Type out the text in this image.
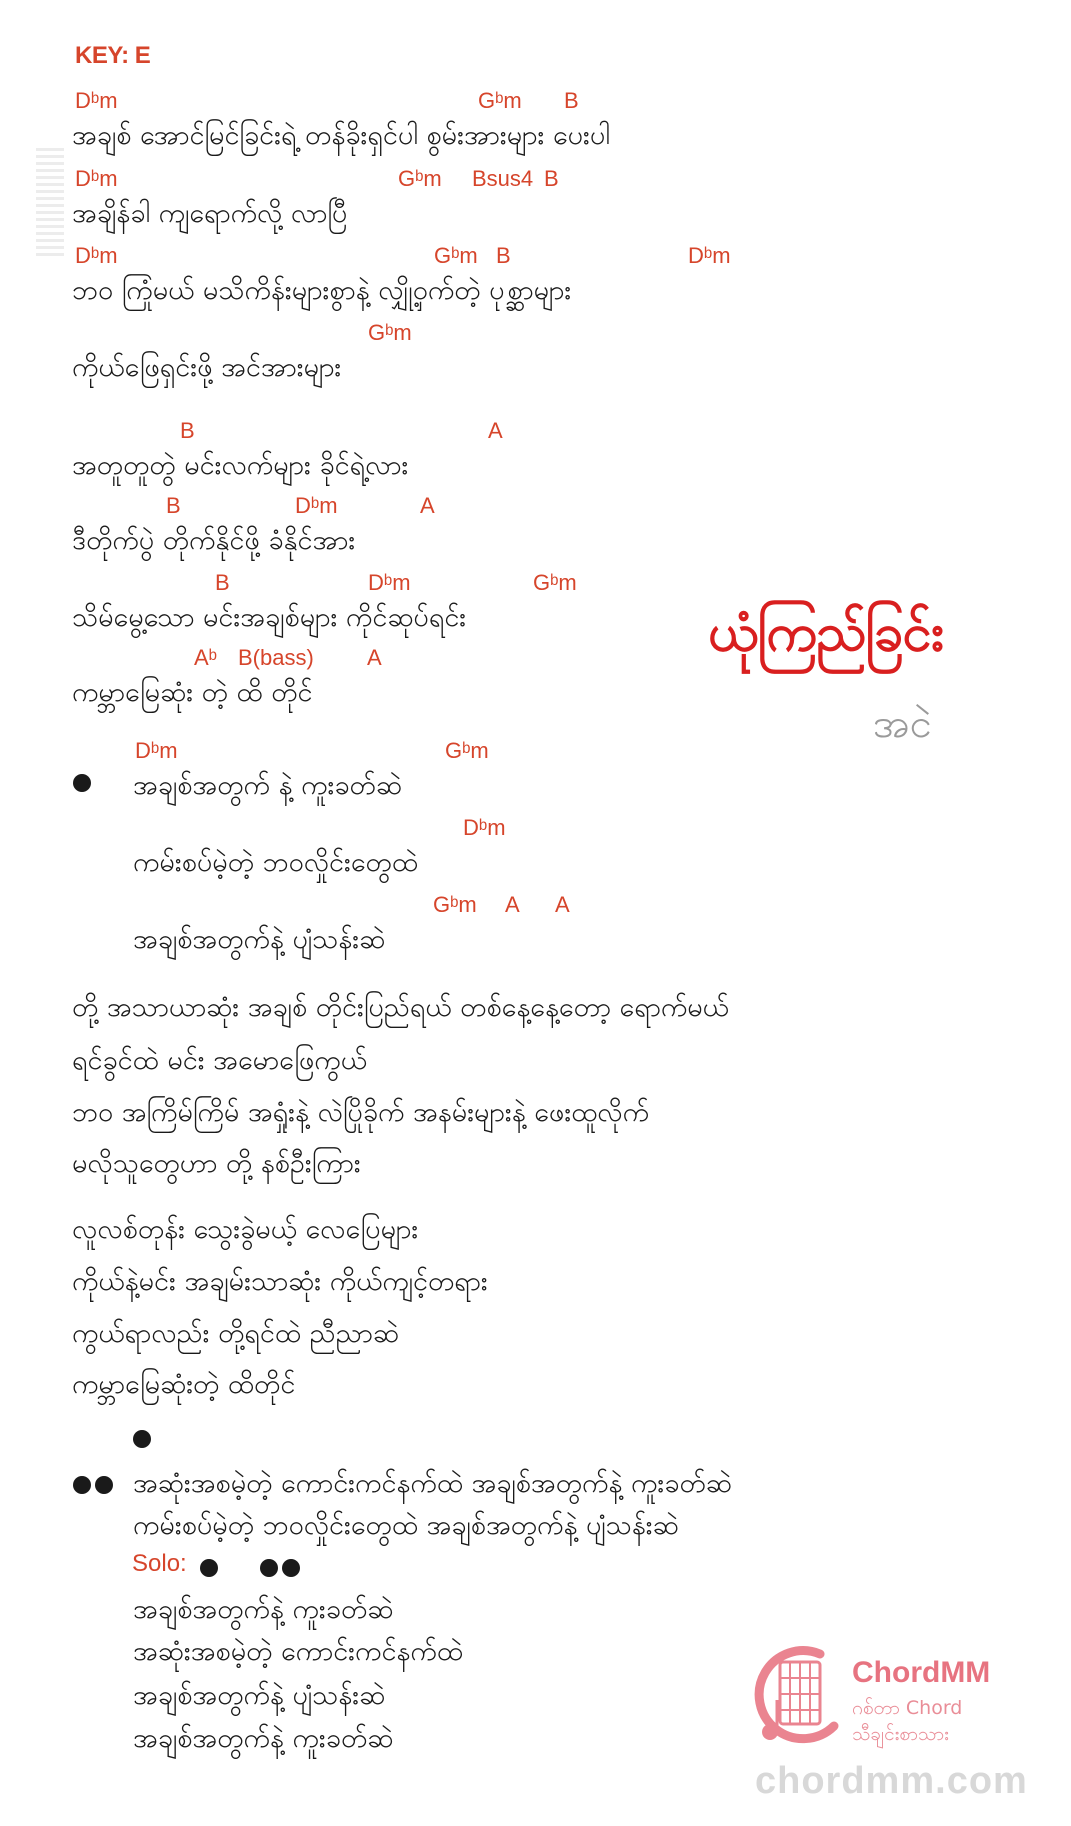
KEY: E
Dᵇm	Gᵇm B
အချစ် အောင်မြင်ခြင်းရဲ့ တန်ခိုးရှင်ပါ စွမ်းအားများ ပေးပါ
Dᵇm	Gᵇm Bsus4 B
အချိန်ခါ ကျရောက်လို့ လာပြီ
Dᵇm	Gᵇm B	Dᵇm
ဘဝ ကြုံမယ် မသိကိန်းများစွာနဲ့ လျှို့ဝှက်တဲ့ ပုစ္ဆာများ
Gᵇm
ကိုယ်ဖြေရှင်းဖို့ အင်အားများ
B	A
အတူတူတွဲ မင်းလက်များ ခိုင်ရဲ့လား
B	Dᵇm	A
ဒီတိုက်ပွဲ တိုက်နိုင်ဖို့ ခံနိုင်အား
B	Dᵇm	Gᵇm
သိမ်မွေ့သော မင်းအချစ်များ ကိုင်ဆုပ်ရင်း
Aᵇ B(bass) A
ကမ္ဘာမြေဆုံး တဲ့ ထိ တိုင်
ယုံကြည်ခြင်း
အငဲ
Dᵇm	Gᵇm
အချစ်အတွက် နဲ့ ကူးခတ်ဆဲ
Dᵇm
ကမ်းစပ်မဲ့တဲ့ ဘဝလှိုင်းတွေထဲ
Gᵇm A A
အချစ်အတွက်နဲ့ ပျံသန်းဆဲ
တို့ အသာယာဆုံး အချစ် တိုင်းပြည်ရယ် တစ်နေ့နေ့တော့ ရောက်မယ်
ရင်ခွင်ထဲ မင်း အမောဖြေကွယ်
ဘဝ အကြိမ်ကြိမ် အရှုံးနဲ့ လဲပြိုခိုက် အနမ်းများနဲ့ ဖေးထူလိုက်
မလိုသူတွေဟာ တို့ နစ်ဦးကြား
လူလစ်တုန်း သွေးခွဲမယ့် လေပြေများ
ကိုယ်နဲ့မင်း အချမ်းသာဆုံး ကိုယ်ကျင့်တရား
ကွယ်ရာလည်း တို့ရင်ထဲ ညီညာဆဲ
ကမ္ဘာမြေဆုံးတဲ့ ထိတိုင်
အဆုံးအစမဲ့တဲ့ ကောင်းကင်နက်ထဲ အချစ်အတွက်နဲ့ ကူးခတ်ဆဲ
ကမ်းစပ်မဲ့တဲ့ ဘဝလှိုင်းတွေထဲ အချစ်အတွက်နဲ့ ပျံသန်းဆဲ
Solo:
အချစ်အတွက်နဲ့ ကူးခတ်ဆဲ
အဆုံးအစမဲ့တဲ့ ကောင်းကင်နက်ထဲ
အချစ်အတွက်နဲ့ ပျံသန်းဆဲ
အချစ်အတွက်နဲ့ ကူးခတ်ဆဲ
ChordMM
ဂစ်တာ Chord
သီချင်းစာသား
chordmm.com
